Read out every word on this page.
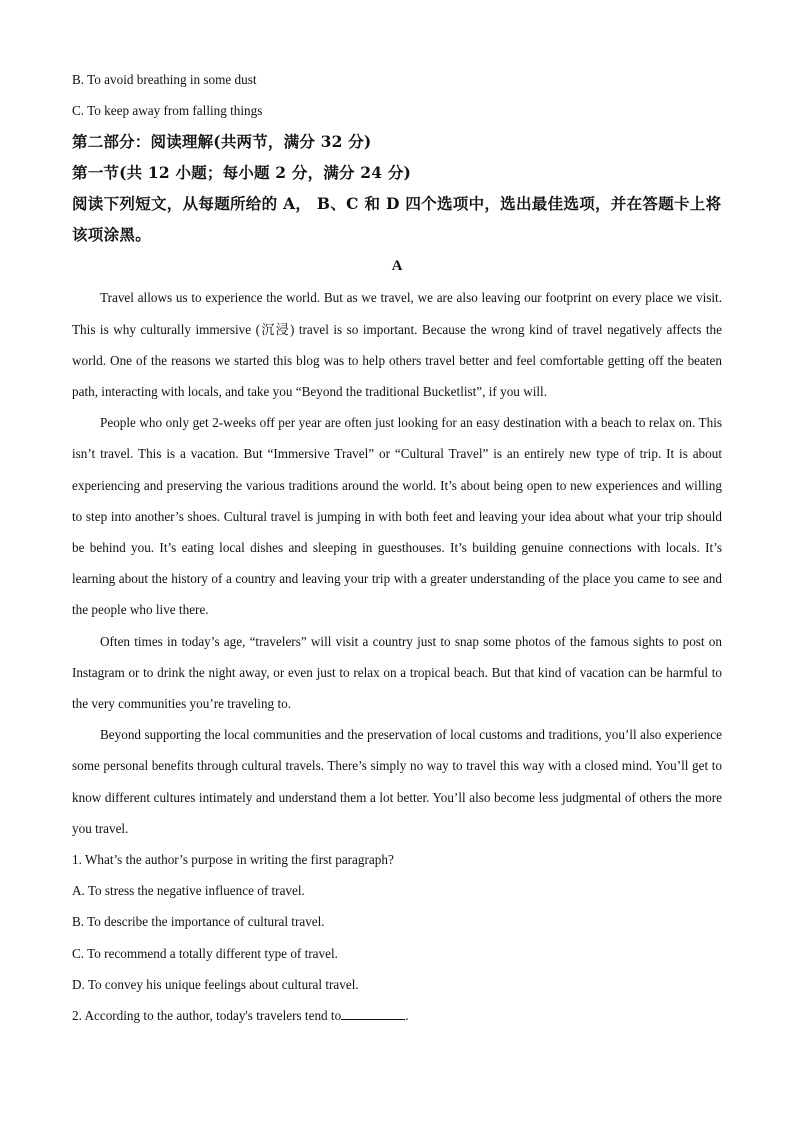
B. To avoid breathing in some dust
C. To keep away from falling things
第二部分：阅读理解(共两节，满分 32 分)
第一节(共 12 小题；每小题 2 分，满分 24 分)
阅读下列短文，从每题所给的 A， B、C 和 D 四个选项中，选出最佳选项，并在答题卡上将该项涂黑。
A

Travel allows us to experience the world. But as we travel, we are also leaving our footprint on every place we visit. This is why culturally immersive (沉浸) travel is so important. Because the wrong kind of travel negatively affects the world. One of the reasons we started this blog was to help others travel better and feel comfortable getting off the beaten path, interacting with locals, and take you “Beyond the traditional Bucketlist”, if you will.

People who only get 2-weeks off per year are often just looking for an easy destination with a beach to relax on. This isn’t travel. This is a vacation. But “Immersive Travel” or “Cultural Travel” is an entirely new type of trip. It is about experiencing and preserving the various traditions around the world. It’s about being open to new experiences and willing to step into another’s shoes. Cultural travel is jumping in with both feet and leaving your idea about what your trip should be behind you. It’s eating local dishes and sleeping in guesthouses. It’s building genuine connections with locals. It’s learning about the history of a country and leaving your trip with a greater understanding of the place you came to see and the people who live there.

Often times in today’s age, “travelers” will visit a country just to snap some photos of the famous sights to post on Instagram or to drink the night away, or even just to relax on a tropical beach. But that kind of vacation can be harmful to the very communities you’re traveling to.

Beyond supporting the local communities and the preservation of local customs and traditions, you’ll also experience some personal benefits through cultural travels. There’s simply no way to travel this way with a closed mind. You’ll get to know different cultures intimately and understand them a lot better. You’ll also become less judgmental of others the more you travel.

1. What’s the author’s purpose in writing the first paragraph?
A. To stress the negative influence of travel.
B. To describe the importance of cultural travel.
C. To recommend a totally different type of travel.
D. To convey his unique feelings about cultural travel.
2. According to the author, today's travelers tend to	.
